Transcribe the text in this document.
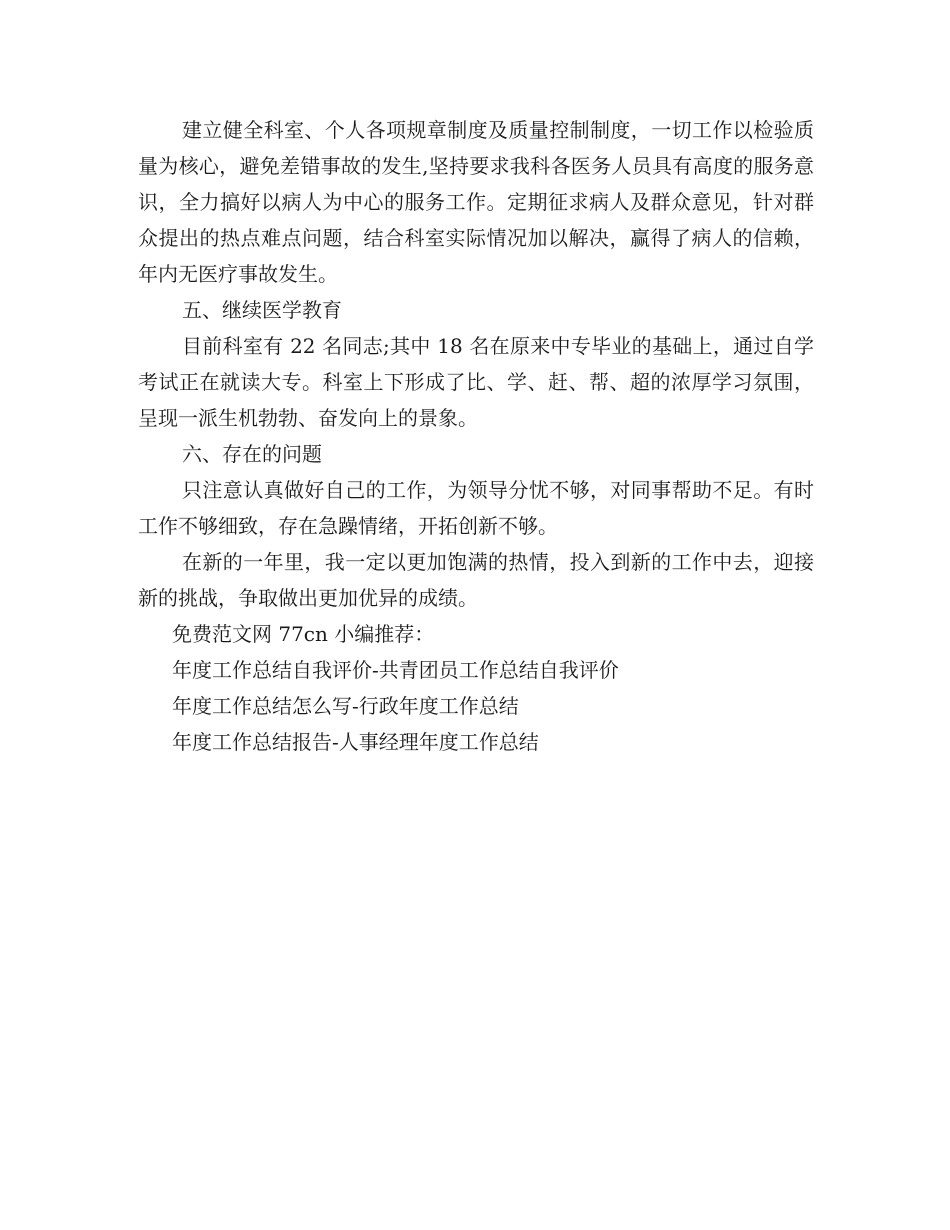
建立健全科室、个人各项规章制度及质量控制制度，一切工作以检验质量为核心，避免差错事故的发生,坚持要求我科各医务人员具有高度的服务意识，全力搞好以病人为中心的服务工作。定期征求病人及群众意见，针对群众提出的热点难点问题，结合科室实际情况加以解决，赢得了病人的信赖，年内无医疗事故发生。

五、继续医学教育

目前科室有 22 名同志;其中 18 名在原来中专毕业的基础上，通过自学考试正在就读大专。科室上下形成了比、学、赶、帮、超的浓厚学习氛围，呈现一派生机勃勃、奋发向上的景象。

六、存在的问题

只注意认真做好自己的工作，为领导分忧不够，对同事帮助不足。有时工作不够细致，存在急躁情绪，开拓创新不够。

在新的一年里，我一定以更加饱满的热情，投入到新的工作中去，迎接新的挑战，争取做出更加优异的成绩。

免费范文网 77cn 小编推荐：

年度工作总结自我评价-共青团员工作总结自我评价
年度工作总结怎么写-行政年度工作总结
年度工作总结报告-人事经理年度工作总结
